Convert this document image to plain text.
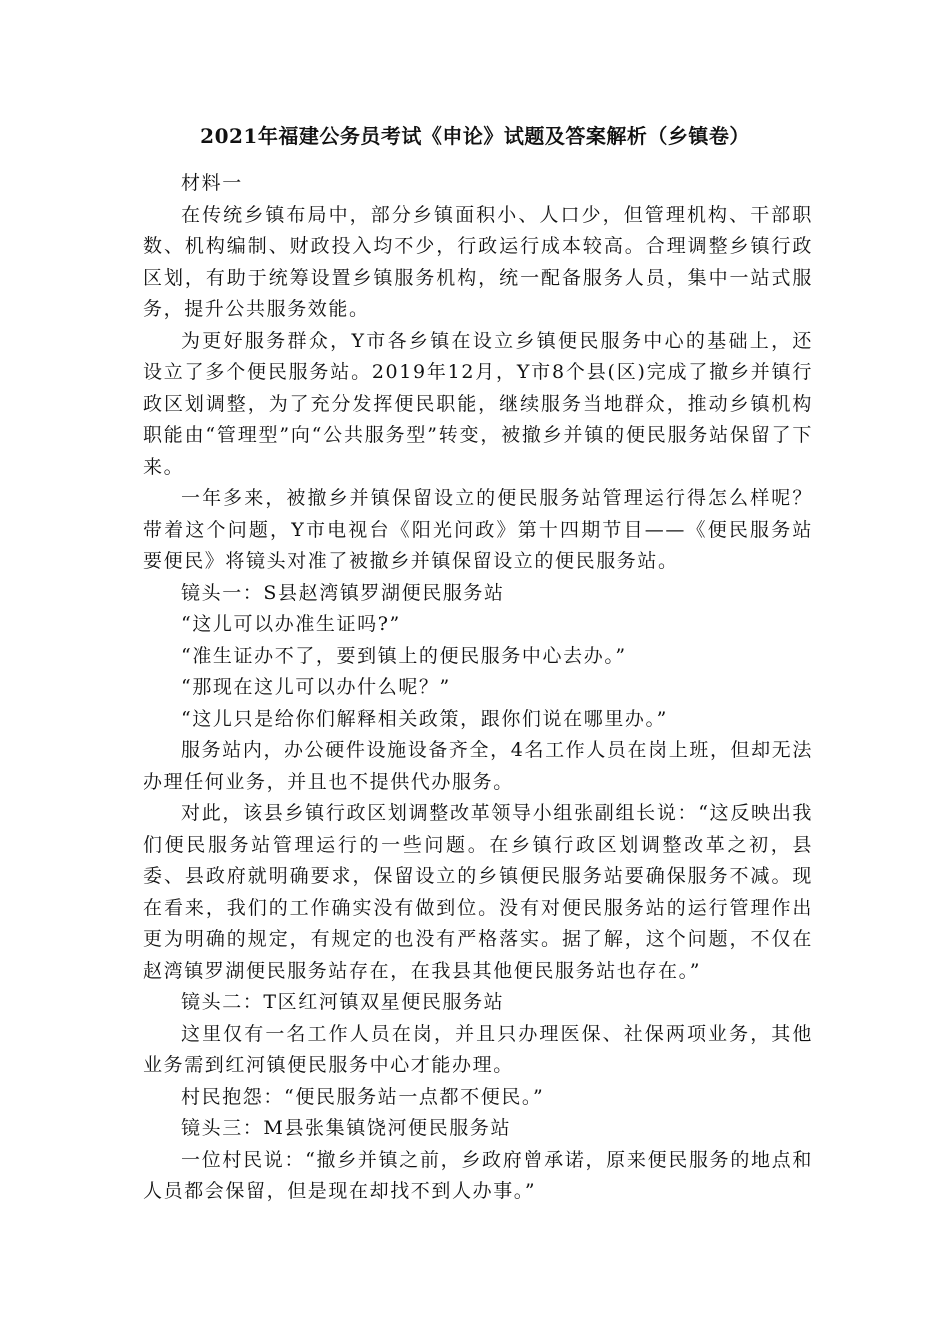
2021年福建公务员考试《申论》试题及答案解析（乡镇卷）

材料一

在传统乡镇布局中，部分乡镇面积小、人口少，但管理机构、干部职数、机构编制、财政投入均不少，行政运行成本较高。合理调整乡镇行政区划，有助于统筹设置乡镇服务机构，统一配备服务人员，集中一站式服务，提升公共服务效能。

为更好服务群众，Y市各乡镇在设立乡镇便民服务中心的基础上，还设立了多个便民服务站。2019年12月，Y市8个县(区)完成了撤乡并镇行政区划调整，为了充分发挥便民职能，继续服务当地群众，推动乡镇机构职能由“管理型”向“公共服务型”转变，被撤乡并镇的便民服务站保留了下来。

一年多来，被撤乡并镇保留设立的便民服务站管理运行得怎么样呢？带着这个问题，Y市电视台《阳光问政》第十四期节目——《便民服务站要便民》将镜头对准了被撤乡并镇保留设立的便民服务站。

镜头一：S县赵湾镇罗湖便民服务站

“这儿可以办准生证吗?”

“准生证办不了，要到镇上的便民服务中心去办。”

“那现在这儿可以办什么呢？”

“这儿只是给你们解释相关政策，跟你们说在哪里办。”

服务站内，办公硬件设施设备齐全，4名工作人员在岗上班，但却无法办理任何业务，并且也不提供代办服务。

对此，该县乡镇行政区划调整改革领导小组张副组长说：“这反映出我们便民服务站管理运行的一些问题。在乡镇行政区划调整改革之初，县委、县政府就明确要求，保留设立的乡镇便民服务站要确保服务不减。现在看来，我们的工作确实没有做到位。没有对便民服务站的运行管理作出更为明确的规定，有规定的也没有严格落实。据了解，这个问题，不仅在赵湾镇罗湖便民服务站存在，在我县其他便民服务站也存在。”

镜头二：T区红河镇双星便民服务站

这里仅有一名工作人员在岗，并且只办理医保、社保两项业务，其他业务需到红河镇便民服务中心才能办理。

村民抱怨：“便民服务站一点都不便民。”

镜头三：M县张集镇饶河便民服务站

一位村民说：“撤乡并镇之前，乡政府曾承诺，原来便民服务的地点和人员都会保留，但是现在却找不到人办事。”
